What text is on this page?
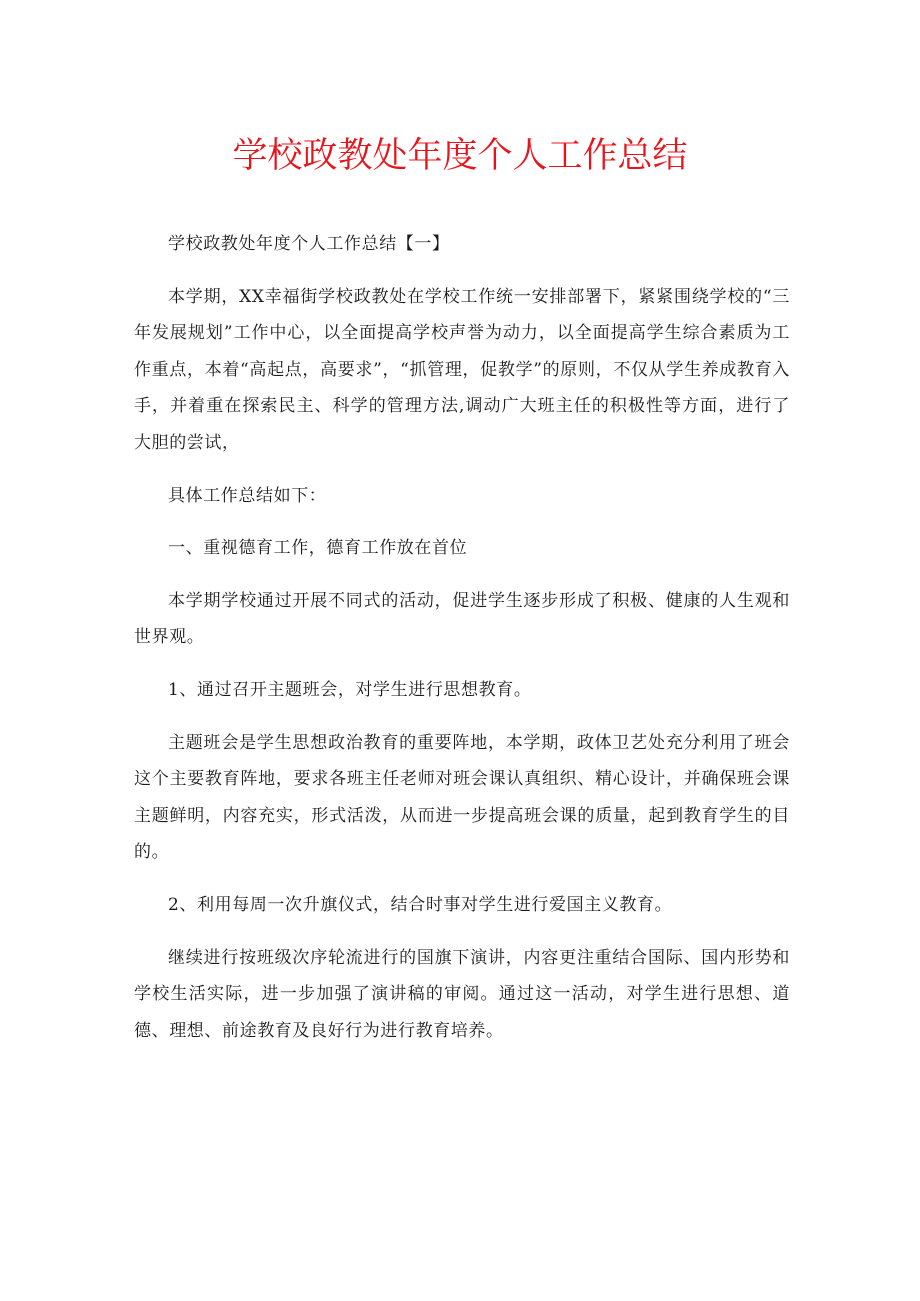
学校政教处年度个人工作总结

学校政教处年度个人工作总结【一】

本学期，XX幸福街学校政教处在学校工作统一安排部署下，紧紧围绕学校的“三年发展规划”工作中心，以全面提高学校声誉为动力，以全面提高学生综合素质为工作重点，本着“高起点，高要求”，“抓管理，促教学”的原则，不仅从学生养成教育入手，并着重在探索民主、科学的管理方法,调动广大班主任的积极性等方面，进行了大胆的尝试，

具体工作总结如下：

一、重视德育工作，德育工作放在首位

本学期学校通过开展不同式的活动，促进学生逐步形成了积极、健康的人生观和世界观。

1、通过召开主题班会，对学生进行思想教育。

主题班会是学生思想政治教育的重要阵地，本学期，政体卫艺处充分利用了班会这个主要教育阵地，要求各班主任老师对班会课认真组织、精心设计，并确保班会课主题鲜明，内容充实，形式活泼，从而进一步提高班会课的质量，起到教育学生的目的。

2、利用每周一次升旗仪式，结合时事对学生进行爱国主义教育。

继续进行按班级次序轮流进行的国旗下演讲，内容更注重结合国际、国内形势和学校生活实际，进一步加强了演讲稿的审阅。通过这一活动，对学生进行思想、道德、理想、前途教育及良好行为进行教育培养。
